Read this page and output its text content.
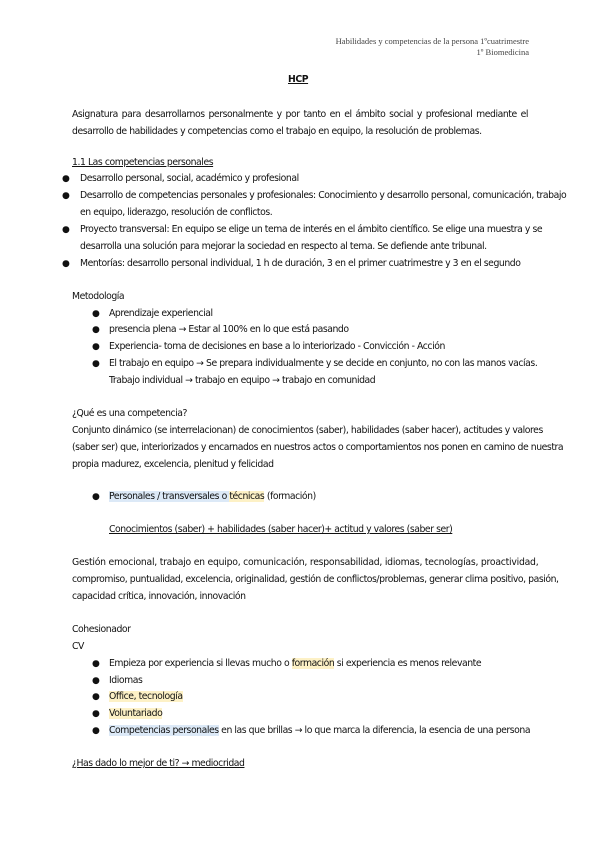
Habilidades y competencias de la persona 1ºcuatrimestre
1º Biomedicina
HCP
Asignatura para desarrollarnos personalmente y por tanto en el ámbito social y profesional mediante el desarrollo de habilidades y competencias como el trabajo en equipo, la resolución de problemas.
1.1 Las competencias personales
● Desarrollo personal, social, académico y profesional
● Desarrollo de competencias personales y profesionales: Conocimiento y desarrollo personal, comunicación, trabajo
en equipo, liderazgo, resolución de conflictos.
● Proyecto transversal: En equipo se elige un tema de interés en el ámbito científico. Se elige una muestra y se
desarrolla una solución para mejorar la sociedad en respecto al tema. Se defiende ante tribunal.
● Mentorías: desarrollo personal individual, 1 h de duración, 3 en el primer cuatrimestre y 3 en el segundo
Metodología
● Aprendizaje experiencial
● presencia plena → Estar al 100% en lo que está pasando
● Experiencia- toma de decisiones en base a lo interiorizado - Convicción - Acción
● El trabajo en equipo → Se prepara individualmente y se decide en conjunto, no con las manos vacías.
Trabajo individual → trabajo en equipo → trabajo en comunidad
¿Qué es una competencia?
Conjunto dinámico (se interrelacionan) de conocimientos (saber), habilidades (saber hacer), actitudes y valores
(saber ser) que, interiorizados y encarnados en nuestros actos o comportamientos nos ponen en camino de nuestra
propia madurez, excelencia, plenitud y felicidad
● Personales / transversales o técnicas (formación)
Conocimientos (saber) + habilidades (saber hacer)+ actitud y valores (saber ser)
Gestión emocional, trabajo en equipo, comunicación, responsabilidad, idiomas, tecnologías, proactividad,
compromiso, puntualidad, excelencia, originalidad, gestión de conflictos/problemas, generar clima positivo, pasión,
capacidad crítica, innovación, innovación
Cohesionador
CV
● Empieza por experiencia si llevas mucho o formación si experiencia es menos relevante
● Idiomas
● Office, tecnología
● Voluntariado
● Competencias personales en las que brillas → lo que marca la diferencia, la esencia de una persona
¿Has dado lo mejor de ti? → mediocridad
